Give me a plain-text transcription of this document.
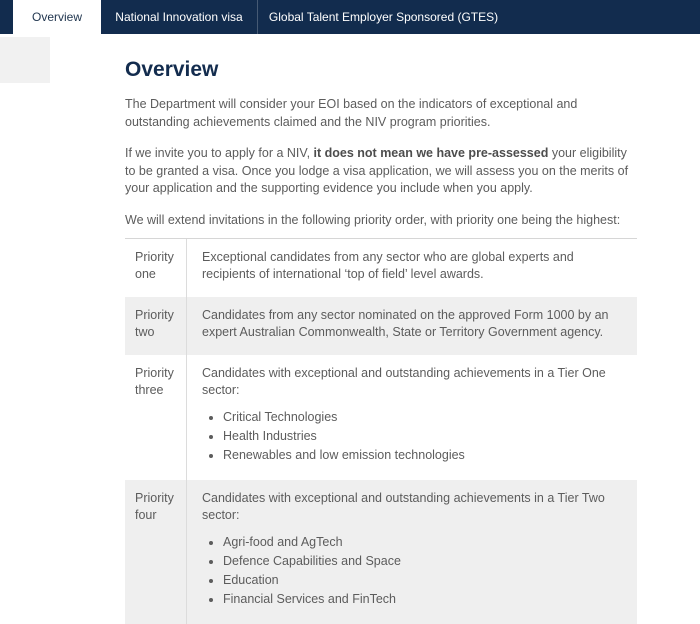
Overview	National Innovation visa	Global Talent Employer Sponsored (GTES)
Overview

The Department will consider your EOI based on the indicators of exceptional and outstanding achievements claimed and the NIV program priorities.

If we invite you to apply for a NIV, it does not mean we have pre-assessed your eligibility to be granted a visa. Once you lodge a visa application, we will assess you on the merits of your application and the supporting evidence you include when you apply.

We will extend invitations in the following priority order, with priority one being the highest:

Priority one
Exceptional candidates from any sector who are global experts and recipients of international ‘top of field’ level awards.
Priority two
Candidates from any sector nominated on the approved Form 1000 by an expert Australian Commonwealth, State or Territory Government agency.
Priority three
Candidates with exceptional and outstanding achievements in a Tier One sector:
• Critical Technologies
• Health Industries
• Renewables and low emission technologies
Priority four
Candidates with exceptional and outstanding achievements in a Tier Two sector:
• Agri-food and AgTech
• Defence Capabilities and Space
• Education
• Financial Services and FinTech
